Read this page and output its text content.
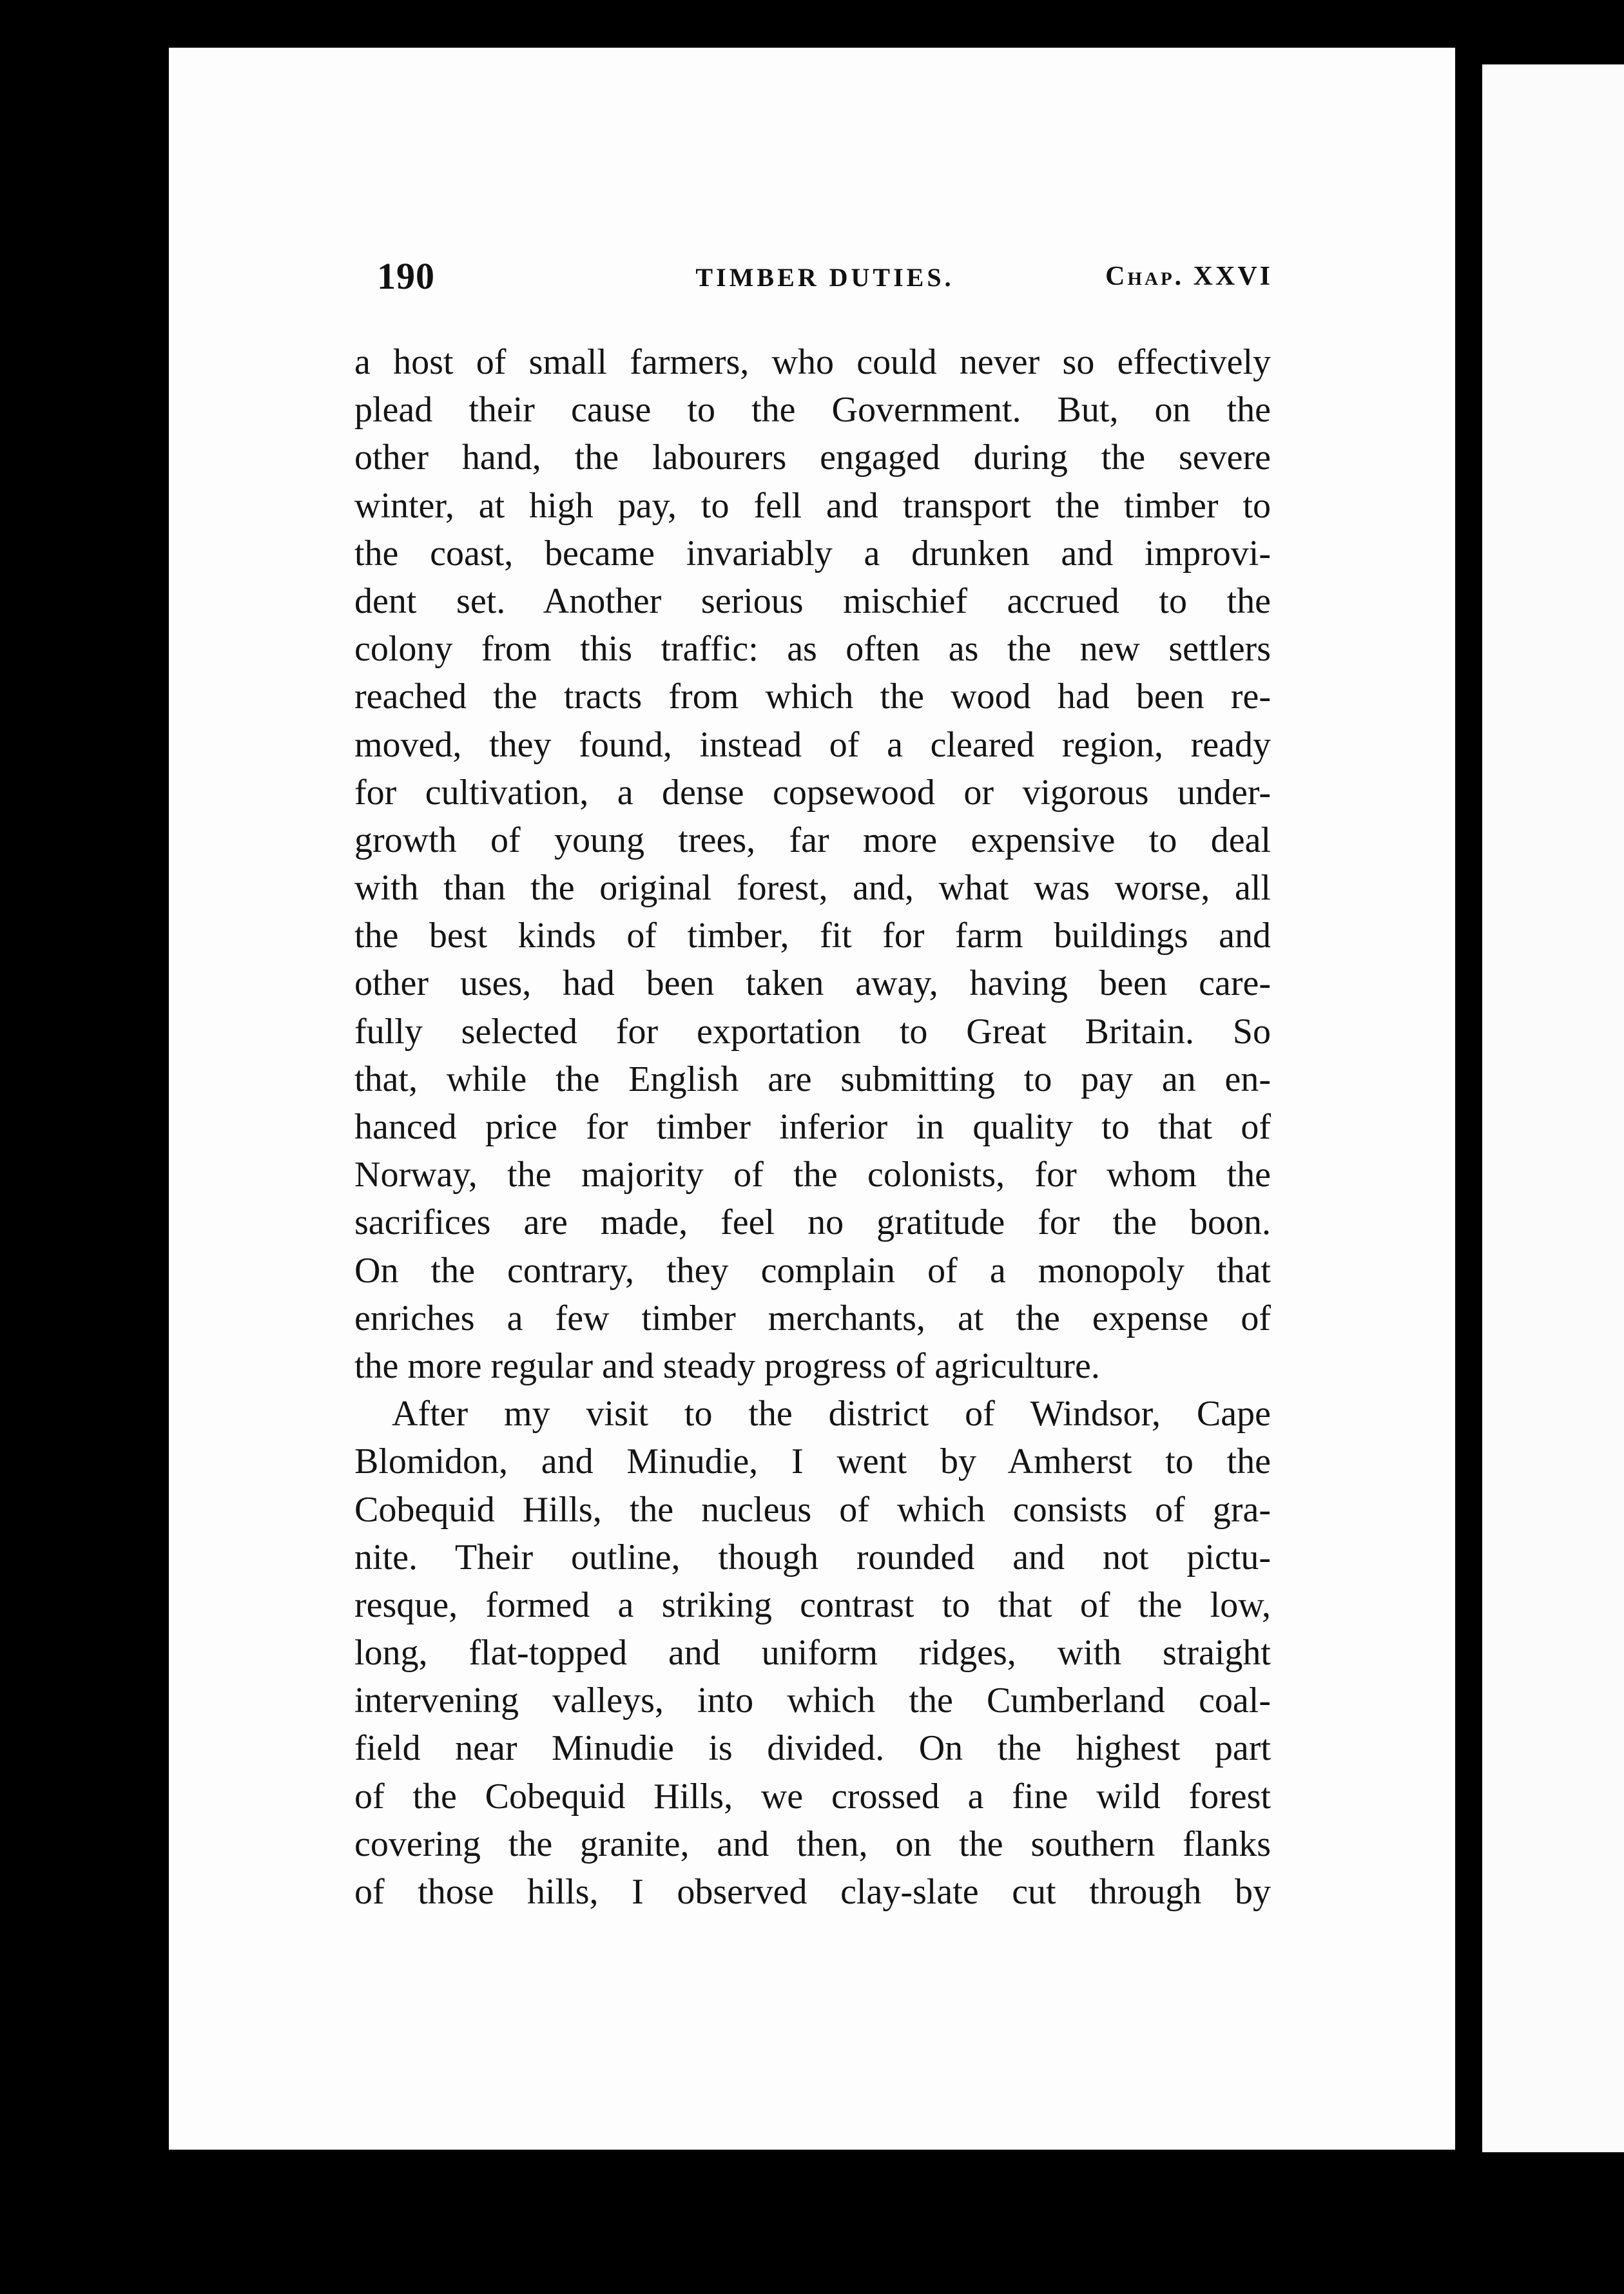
190	TIMBER DUTIES.	Chap. XXVI
a host of small farmers, who could never so effectively
plead their cause to the Government. But, on the
other hand, the labourers engaged during the severe
winter, at high pay, to fell and transport the timber to
the coast, became invariably a drunken and improvi-
dent set. Another serious mischief accrued to the
colony from this traffic: as often as the new settlers
reached the tracts from which the wood had been re-
moved, they found, instead of a cleared region, ready
for cultivation, a dense copsewood or vigorous under-
growth of young trees, far more expensive to deal
with than the original forest, and, what was worse, all
the best kinds of timber, fit for farm buildings and
other uses, had been taken away, having been care-
fully selected for exportation to Great Britain. So
that, while the English are submitting to pay an en-
hanced price for timber inferior in quality to that of
Norway, the majority of the colonists, for whom the
sacrifices are made, feel no gratitude for the boon.
On the contrary, they complain of a monopoly that
enriches a few timber merchants, at the expense of
the more regular and steady progress of agriculture.
After my visit to the district of Windsor, Cape
Blomidon, and Minudie, I went by Amherst to the
Cobequid Hills, the nucleus of which consists of gra-
nite. Their outline, though rounded and not pictu-
resque, formed a striking contrast to that of the low,
long, flat-topped and uniform ridges, with straight
intervening valleys, into which the Cumberland coal-
field near Minudie is divided. On the highest part
of the Cobequid Hills, we crossed a fine wild forest
covering the granite, and then, on the southern flanks
of those hills, I observed clay-slate cut through by
